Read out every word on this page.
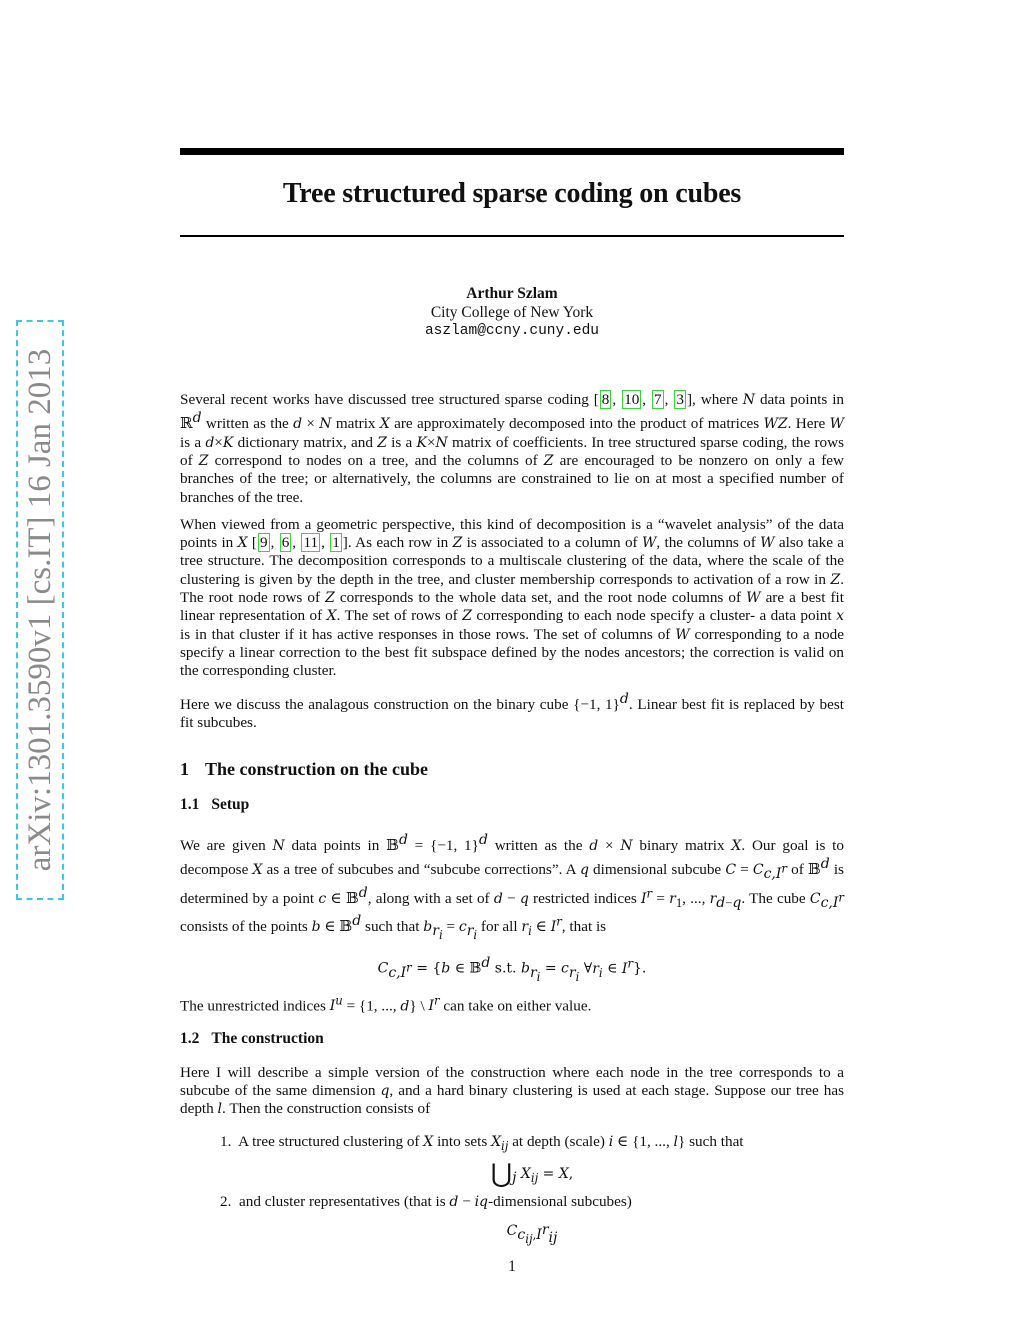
Tree structured sparse coding on cubes
Arthur Szlam
City College of New York
aszlam@ccny.cuny.edu
arXiv:1301.3590v1 [cs.IT] 16 Jan 2013	Several recent works have discussed tree structured sparse coding [ 8 , 10 , 7 , 3 ], where N data points in ℝ$^d$ written as the d × N matrix X are approximately decomposed into the product of matrices WZ. Here W is a d×K dictionary matrix, and Z is a K×N matrix of coefficients. In tree structured sparse coding, the rows of Z correspond to nodes on a tree, and the columns of Z are encouraged to be nonzero on only a few branches of the tree; or alternatively, the columns are constrained to lie on at most a specified number of branches of the tree.

When viewed from a geometric perspective, this kind of decomposition is a “wavelet analysis” of the data points in X [ 9 , 6 , 11 , 1 ]. As each row in Z is associated to a column of W, the columns of W also take a tree structure. The decomposition corresponds to a multiscale clustering of the data, where the scale of the clustering is given by the depth in the tree, and cluster membership corresponds to activation of a row in Z. The root node rows of Z corresponds to the whole data set, and the root node columns of W are a best fit linear representation of X. The set of rows of Z corresponding to each node specify a cluster- a data point x is in that cluster if it has active responses in those rows. The set of columns of W corresponding to a node specify a linear correction to the best fit subspace defined by the nodes ancestors; the correction is valid on the corresponding cluster.

Here we discuss the analagous construction on the binary cube {−1, 1}$^d$. Linear best fit is replaced by best fit subcubes.

1 The construction on the cube
1.1 Setup

We are given N data points in 𝔹$^d$ = {−1, 1}$^d$ written as the d × N binary matrix X. Our goal is to decompose X as a tree of subcubes and “subcube corrections”. A q dimensional subcube $C = C_{c,I^r}$ of 𝔹$^d$ is determined by a point c ∈ 𝔹$^d$, along with a set of d − q restricted indices $I^r = r_1$, ..., $r_{d-q}$. The cube $C_{c,I^r}$ consists of the points b ∈ 𝔹$^d$ such that $b_{r_i} = c_{r_i}$ for all $r_i$ ∈ $I^r$, that is

$C_{c,I^r} = \{b$ ∈ 𝔹$^d$ s.t. $b_{r_i} = c_{r_i}$ $\forall r_i$ ∈ $I^r$}.

The unrestricted indices $I^u = \{1$, ..., d} \ $I^r$ can take on either value.

1.2 The construction

Here I will describe a simple version of the construction where each node in the tree corresponds to a subcube of the same dimension q, and a hard binary clustering is used at each stage. Suppose our tree has depth l. Then the construction consists of

1.  A tree structured clustering of X into sets $X_{ij}$ at depth (scale) i ∈ {1, ..., l} such that
$⋃_j$ $X_{ij} = X$,
2.  and cluster representatives (that is d − iq-dimensional subcubes)
$C_{c_{ij},I^r_{ij}}$
1
